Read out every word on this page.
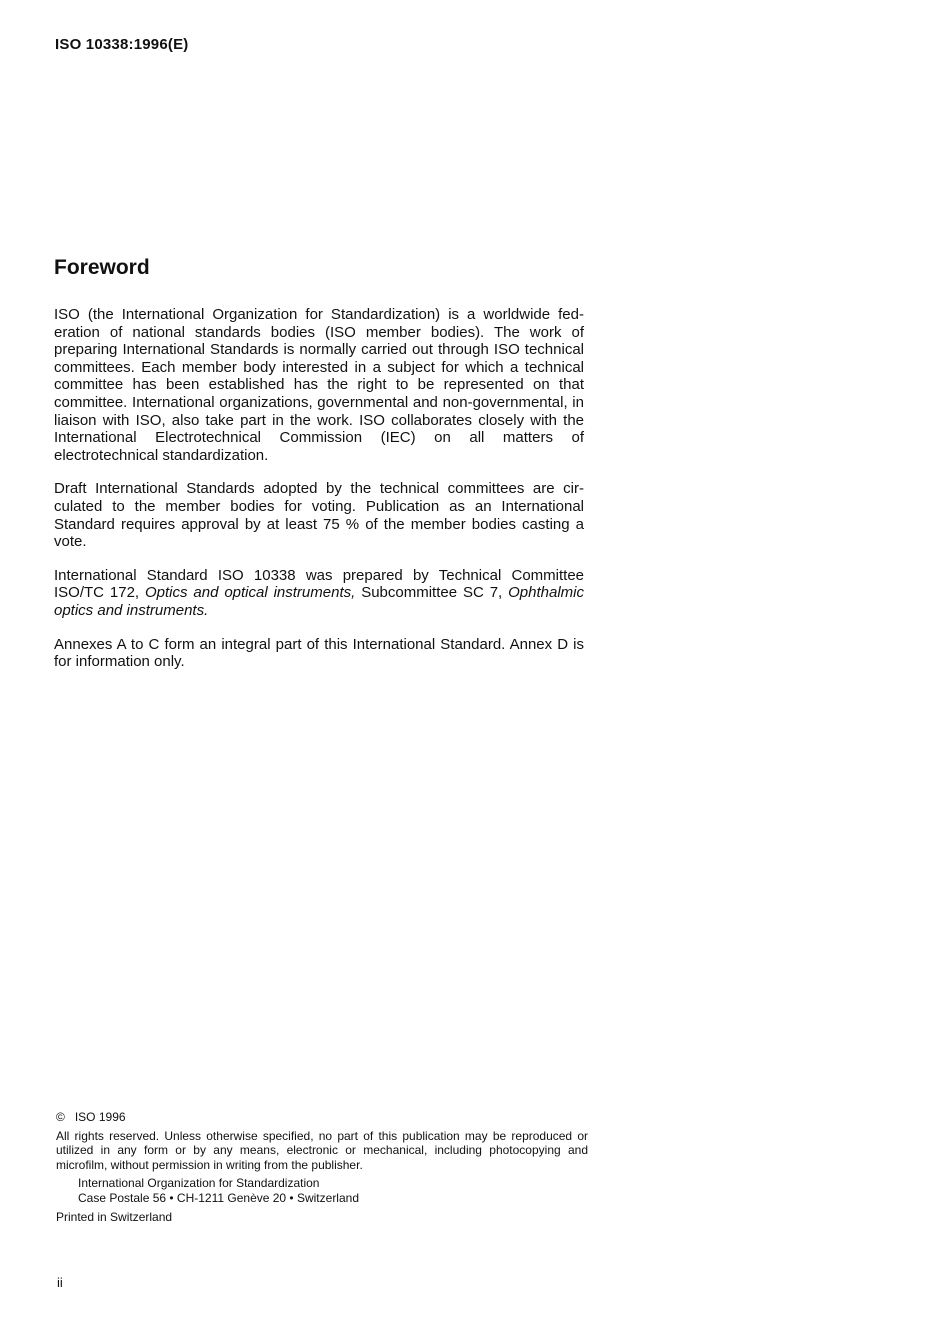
ISO 10338:1996(E)
Foreword

ISO (the International Organization for Standardization) is a worldwide federation of national standards bodies (ISO member bodies). The work of preparing International Standards is normally carried out through ISO technical committees. Each member body interested in a subject for which a technical committee has been established has the right to be represented on that committee. International organizations, governmental and non-governmental, in liaison with ISO, also take part in the work. ISO collaborates closely with the International Electrotechnical Commission (IEC) on all matters of electrotechnical standardization.

Draft International Standards adopted by the technical committees are circulated to the member bodies for voting. Publication as an International Standard requires approval by at least 75 % of the member bodies casting a vote.

International Standard ISO 10338 was prepared by Technical Committee ISO/TC 172, Optics and optical instruments, Subcommittee SC 7, Ophthalmic optics and instruments.

Annexes A to C form an integral part of this International Standard. Annex D is for information only.

© ISO 1996

All rights reserved. Unless otherwise specified, no part of this publication may be reproduced or utilized in any form or by any means, electronic or mechanical, including photocopying and microfilm, without permission in writing from the publisher.

International Organization for Standardization
Case Postale 56 • CH-1211 Genève 20 • Switzerland

Printed in Switzerland

ii
